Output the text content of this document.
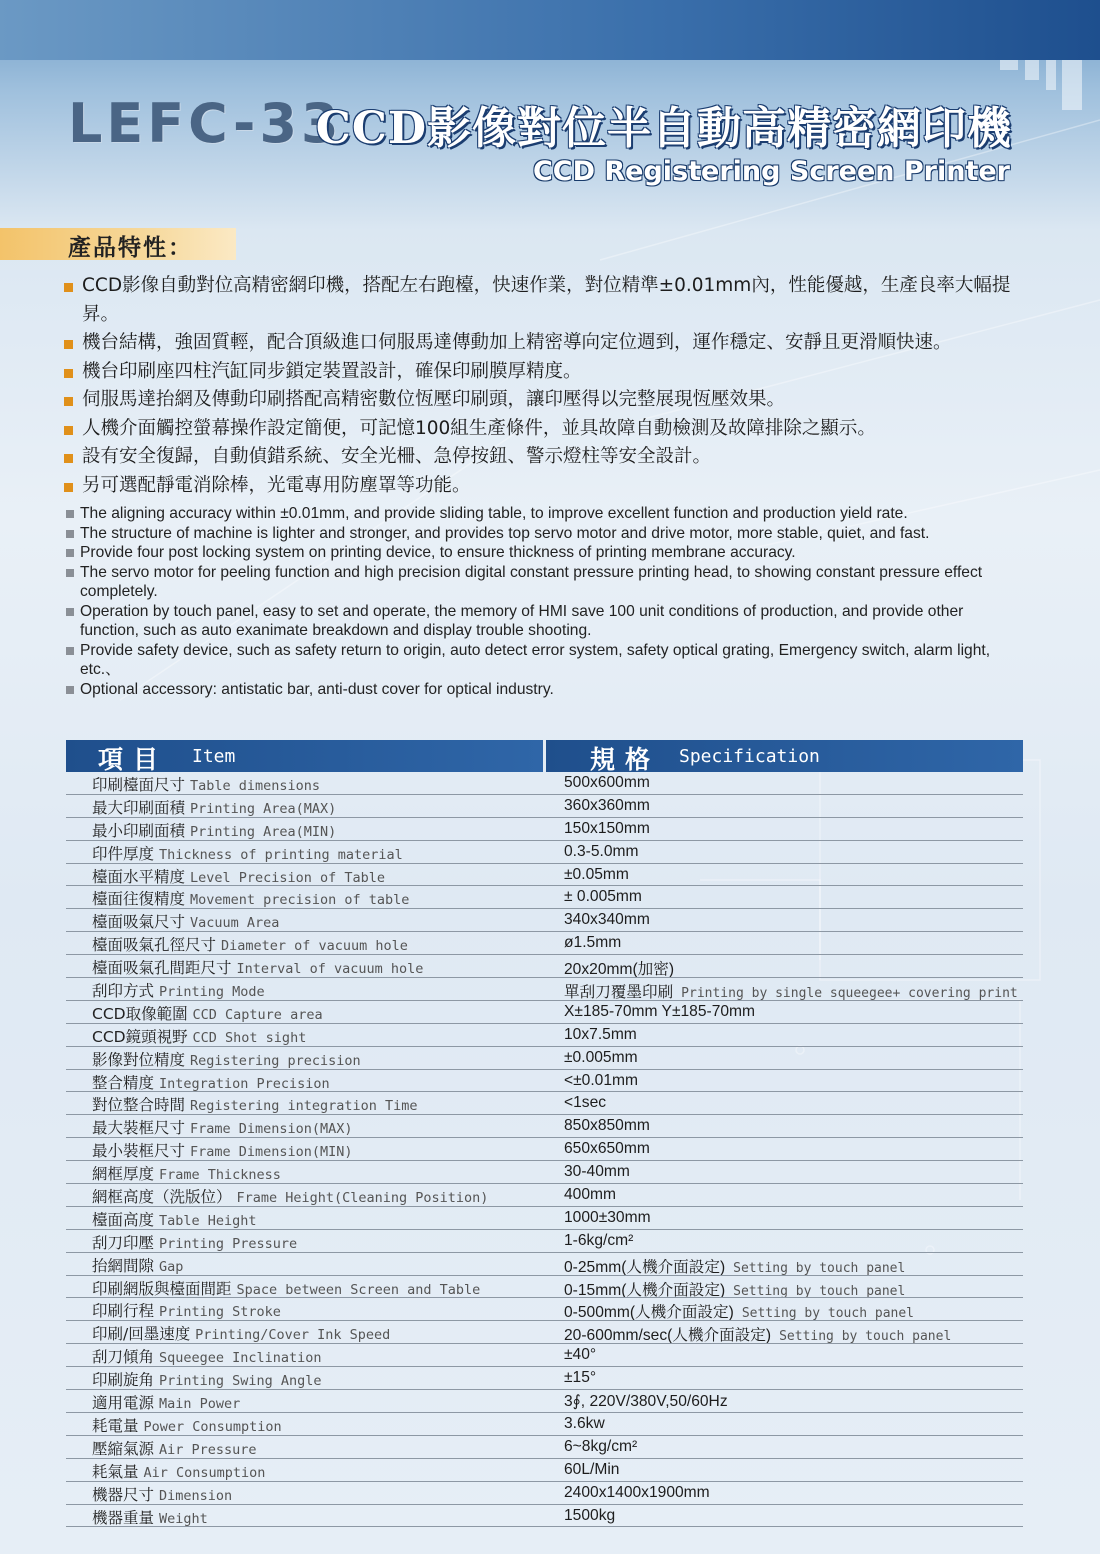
LEFC-33
CCD影像對位半自動高精密網印機
CCD Registering Screen Printer
產品特性：
CCD影像自動對位高精密網印機，搭配左右跑檯，快速作業，對位精準±0.01mm內，性能優越，生產良率大幅提昇。
機台結構，強固質輕，配合頂級進口伺服馬達傳動加上精密導向定位週到，運作穩定、安靜且更滑順快速。
機台印刷座四柱汽缸同步鎖定裝置設計，確保印刷膜厚精度。
伺服馬達抬網及傳動印刷搭配高精密數位恆壓印刷頭，讓印壓得以完整展現恆壓效果。
人機介面觸控螢幕操作設定簡便，可記憶100組生產條件，並具故障自動檢測及故障排除之顯示。
設有安全復歸，自動偵錯系統、安全光柵、急停按鈕、警示燈柱等安全設計。
另可選配靜電消除棒，光電專用防塵罩等功能。
The aligning accuracy within ±0.01mm, and provide sliding table, to improve excellent function and production yield rate.
The structure of machine is lighter and stronger, and provides top servo motor and drive motor, more stable, quiet, and fast.
Provide four post locking system on printing device, to ensure thickness of printing membrane accuracy.
The servo motor for peeling function and high precision digital constant pressure printing head, to showing constant pressure effect completely.
Operation by touch panel, easy to set and operate, the memory of HMI save 100 unit conditions of production, and provide other function, such as auto exanimate breakdown and display trouble shooting.
Provide safety device, such as safety return to origin, auto detect error system, safety optical grating, Emergency switch, alarm light, etc.、
Optional accessory: antistatic bar, anti-dust cover for optical industry.
項目 Item	規格 Specification
印刷檯面尺寸 Table dimensions	500x600mm
最大印刷面積 Printing Area(MAX)	360x360mm
最小印刷面積 Printing Area(MIN)	150x150mm
印件厚度 Thickness of printing material	0.3-5.0mm
檯面水平精度 Level Precision of Table	±0.05mm
檯面往復精度 Movement precision of table	± 0.005mm
檯面吸氣尺寸 Vacuum Area	340x340mm
檯面吸氣孔徑尺寸 Diameter of vacuum hole	ø1.5mm
檯面吸氣孔間距尺寸 Interval of vacuum hole	20x20mm(加密)
刮印方式 Printing Mode	單刮刀覆墨印刷 Printing by single squeegee+ covering print
CCD取像範圍 CCD Capture area	X±185-70mm Y±185-70mm
CCD鏡頭視野 CCD Shot sight	10x7.5mm
影像對位精度 Registering precision	±0.005mm
整合精度 Integration Precision	<±0.01mm
對位整合時間 Registering integration Time	<1sec
最大裝框尺寸 Frame Dimension(MAX)	850x850mm
最小裝框尺寸 Frame Dimension(MIN)	650x650mm
網框厚度 Frame Thickness	30-40mm
網框高度（洗版位） Frame Height(Cleaning Position)	400mm
檯面高度 Table Height	1000±30mm
刮刀印壓 Printing Pressure	1-6kg/cm²
抬網間隙 Gap	0-25mm(人機介面設定) Setting by touch panel
印刷網版與檯面間距 Space between Screen and Table	0-15mm(人機介面設定) Setting by touch panel
印刷行程 Printing Stroke	0-500mm(人機介面設定) Setting by touch panel
印刷/回墨速度 Printing/Cover Ink Speed	20-600mm/sec(人機介面設定) Setting by touch panel
刮刀傾角 Squeegee Inclination	±40°
印刷旋角 Printing Swing Angle	±15°
適用電源 Main Power	3∮, 220V/380V,50/60Hz
耗電量 Power Consumption	3.6kw
壓縮氣源 Air Pressure	6~8kg/cm²
耗氣量 Air Consumption	60L/Min
機器尺寸 Dimension	2400x1400x1900mm
機器重量 Weight	1500kg
